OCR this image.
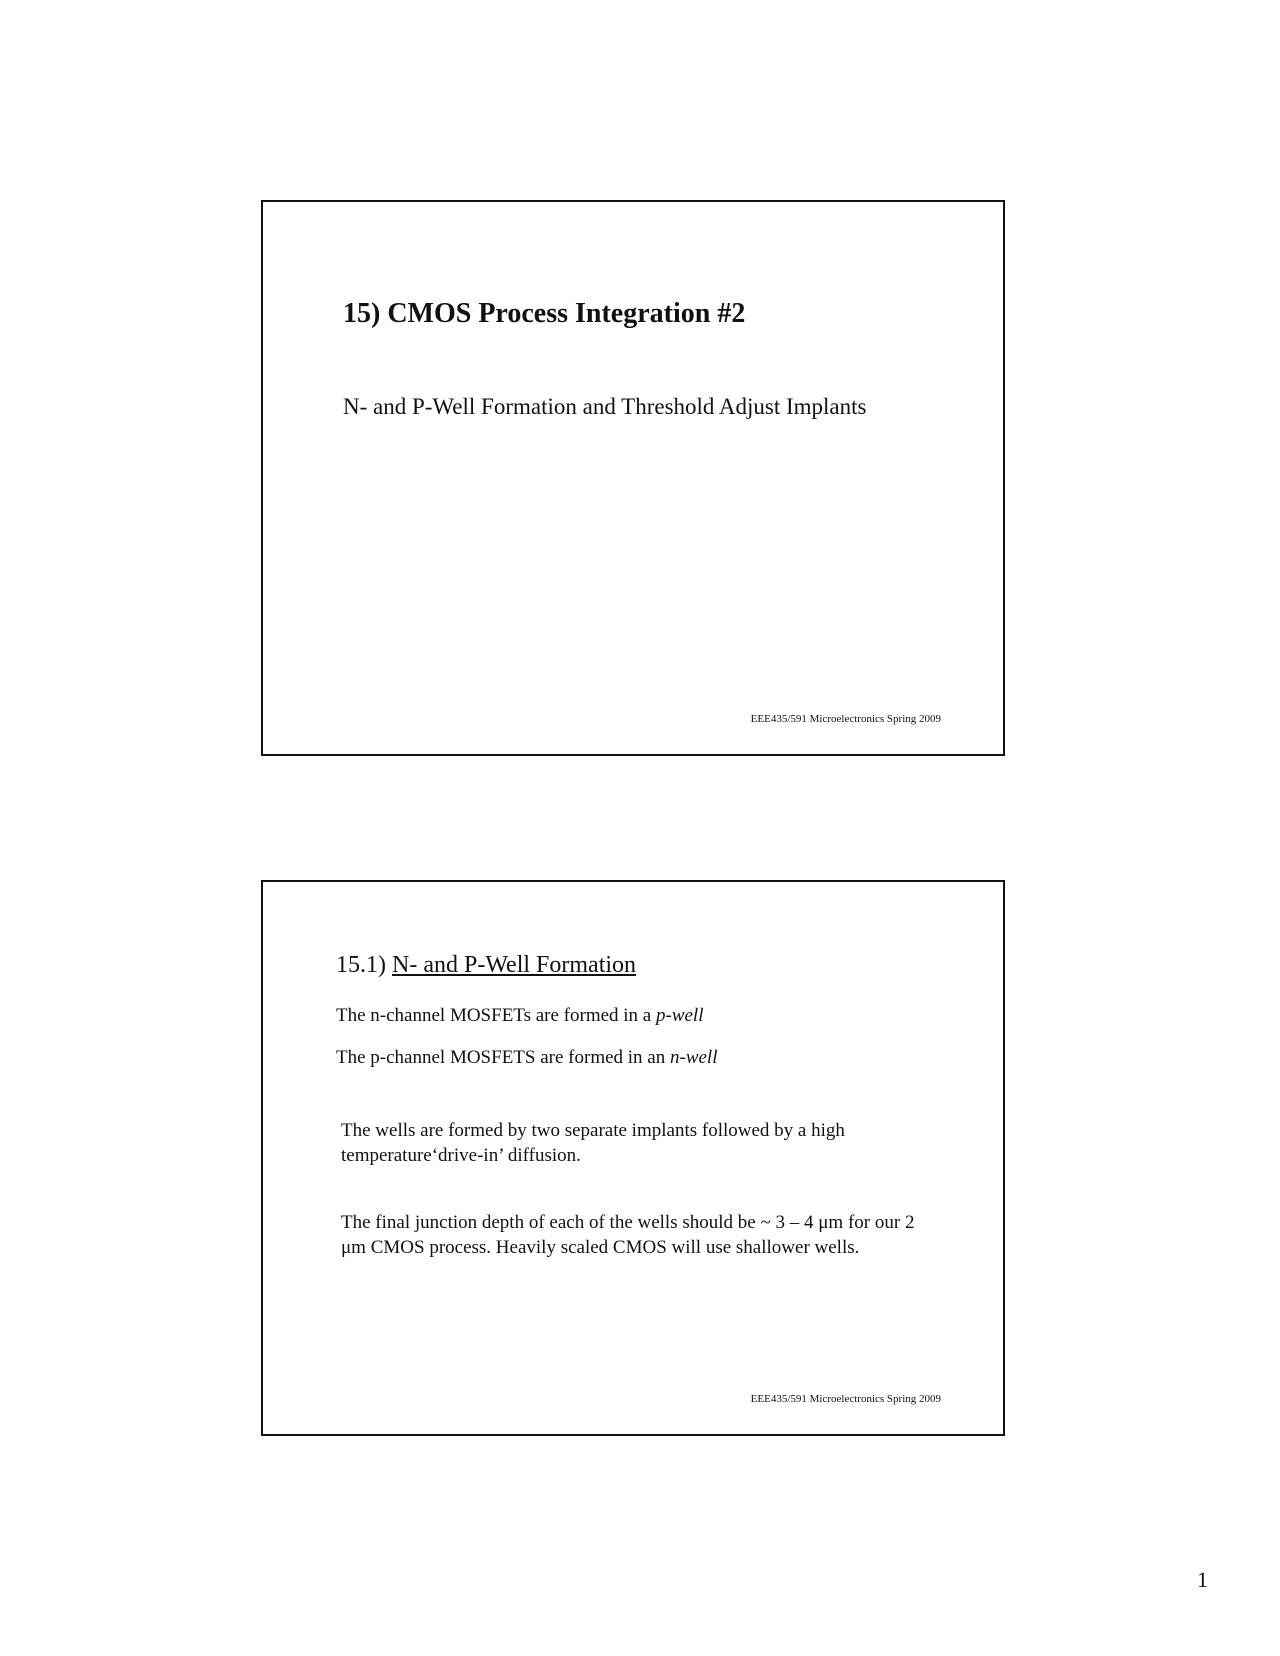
15) CMOS Process Integration #2
N- and P-Well Formation and Threshold Adjust Implants
EEE435/591 Microelectronics Spring 2009
15.1) N- and P-Well Formation
The n-channel MOSFETs are formed in a p-well
The p-channel MOSFETS are formed in an n-well
The wells are formed by two separate implants followed by a high temperature‘drive-in’ diffusion.
The final junction depth of each of the wells should be ~ 3 – 4 μm for our 2 μm CMOS process. Heavily scaled CMOS will use shallower wells.
EEE435/591 Microelectronics Spring 2009
1
